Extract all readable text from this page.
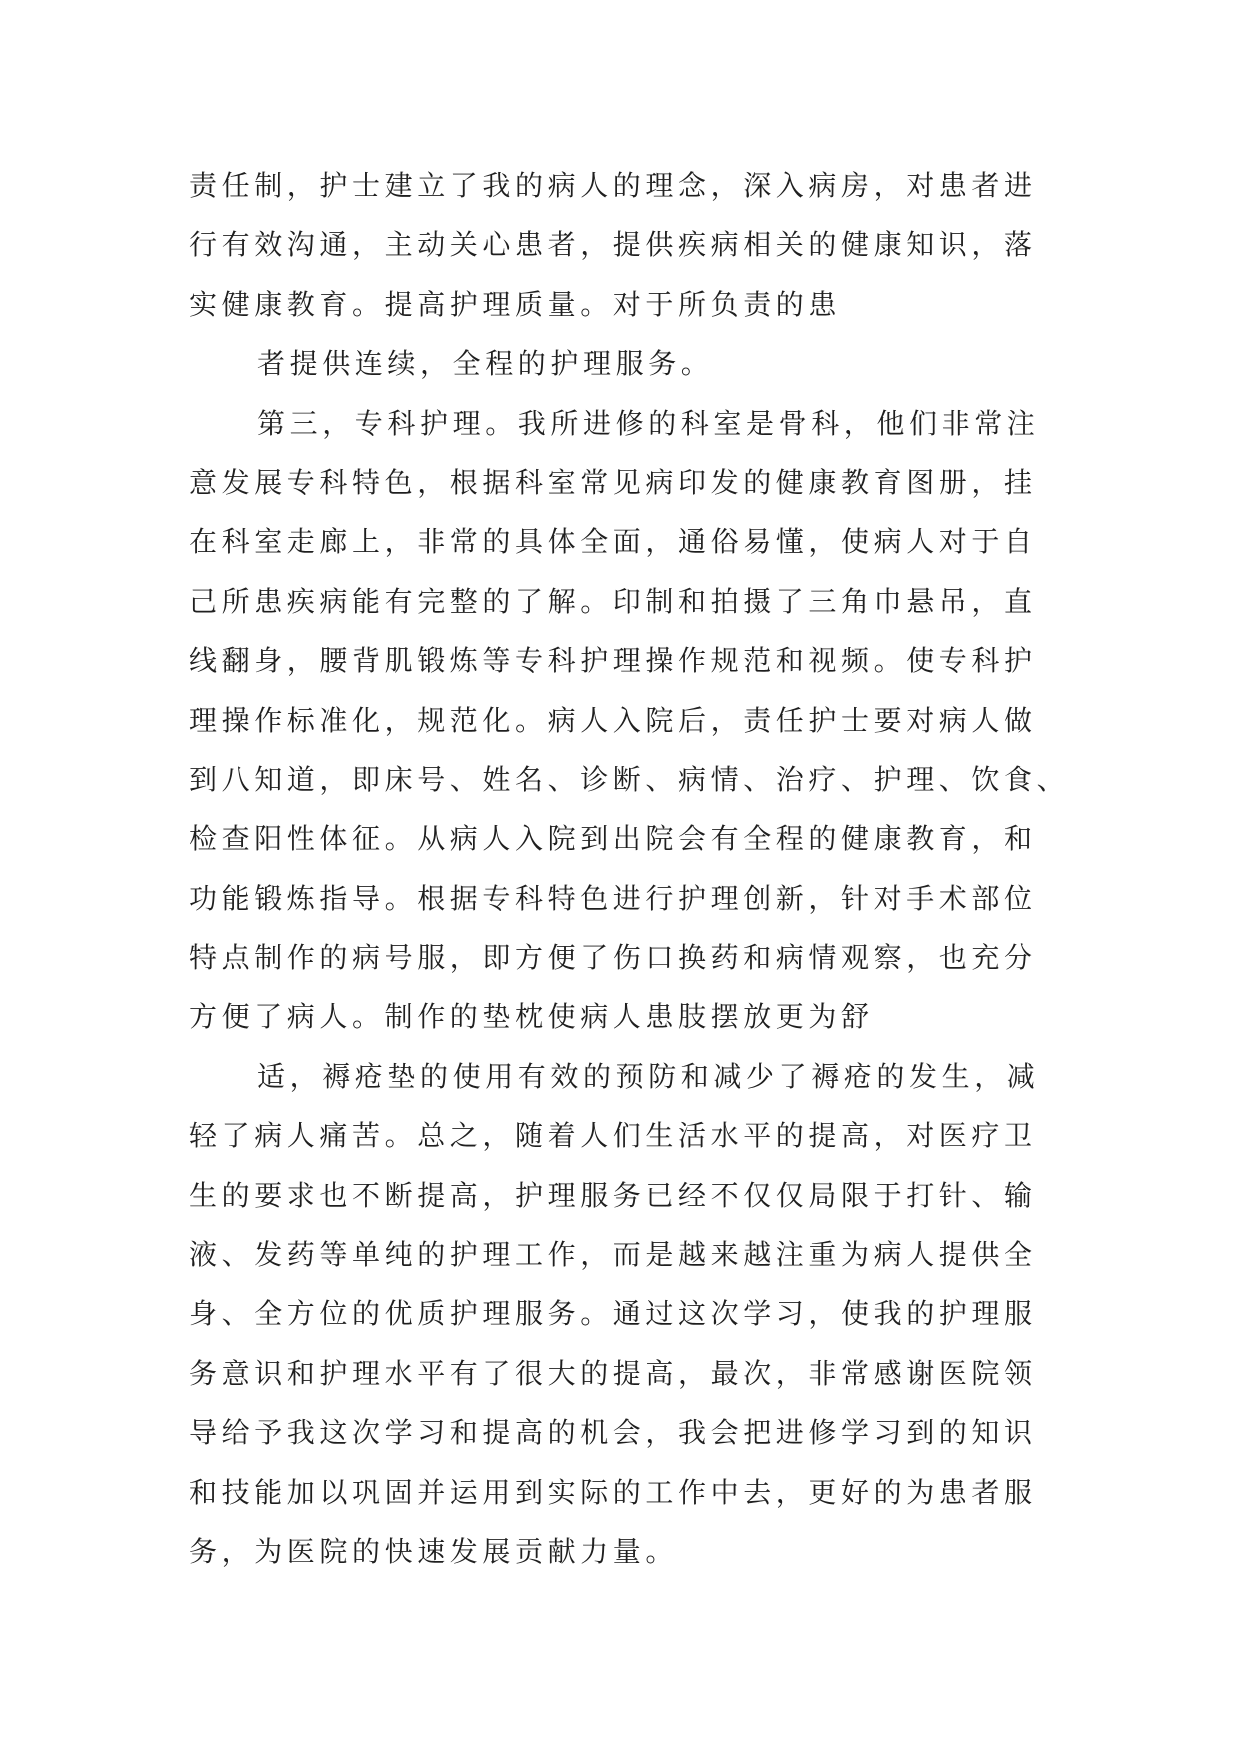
责任制，护士建立了我的病人的理念，深入病房，对患者进
行有效沟通，主动关心患者，提供疾病相关的健康知识，落
实健康教育。提高护理质量。对于所负责的患
者提供连续，全程的护理服务。
第三，专科护理。我所进修的科室是骨科，他们非常注
意发展专科特色，根据科室常见病印发的健康教育图册，挂
在科室走廊上，非常的具体全面，通俗易懂，使病人对于自
己所患疾病能有完整的了解。印制和拍摄了三角巾悬吊，直
线翻身，腰背肌锻炼等专科护理操作规范和视频。使专科护
理操作标准化，规范化。病人入院后，责任护士要对病人做
到八知道，即床号、姓名、诊断、病情、治疗、护理、饮食、
检查阳性体征。从病人入院到出院会有全程的健康教育，和
功能锻炼指导。根据专科特色进行护理创新，针对手术部位
特点制作的病号服，即方便了伤口换药和病情观察，也充分
方便了病人。制作的垫枕使病人患肢摆放更为舒
适，褥疮垫的使用有效的预防和减少了褥疮的发生，减
轻了病人痛苦。总之，随着人们生活水平的提高，对医疗卫
生的要求也不断提高，护理服务已经不仅仅局限于打针、输
液、发药等单纯的护理工作，而是越来越注重为病人提供全
身、全方位的优质护理服务。通过这次学习，使我的护理服
务意识和护理水平有了很大的提高，最次，非常感谢医院领
导给予我这次学习和提高的机会，我会把进修学习到的知识
和技能加以巩固并运用到实际的工作中去，更好的为患者服
务，为医院的快速发展贡献力量。
